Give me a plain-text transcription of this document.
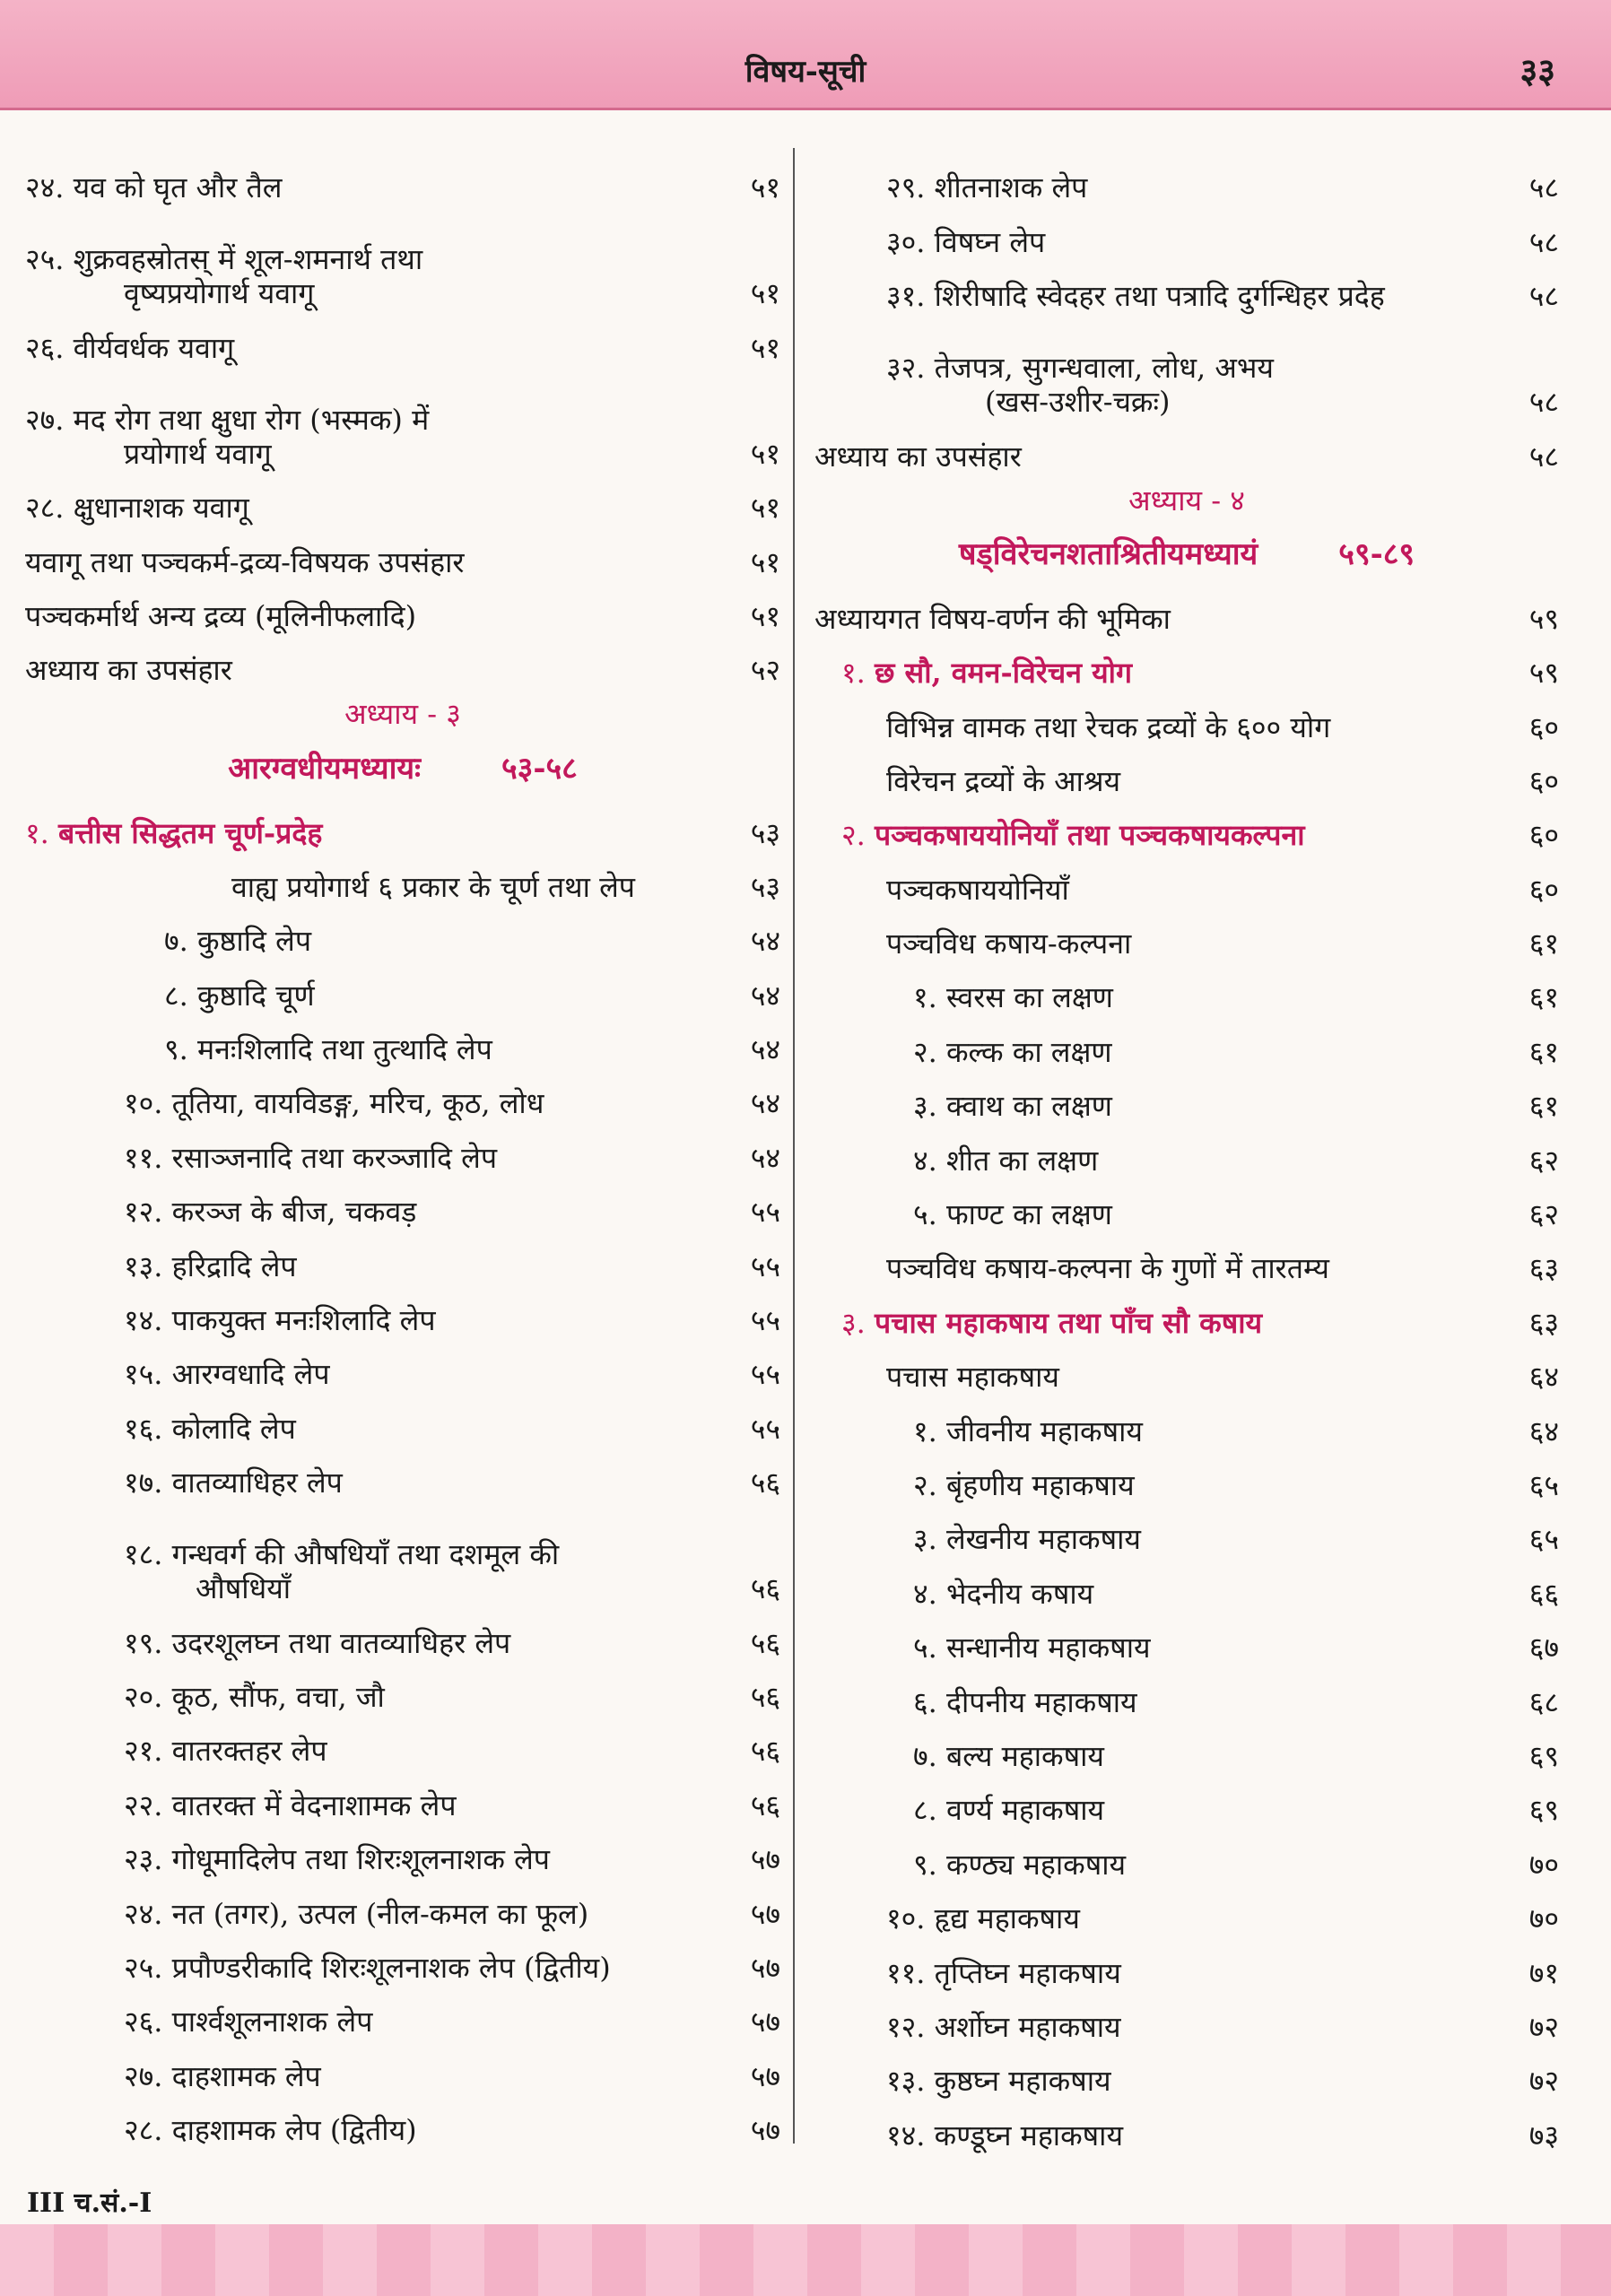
विषय-सूची	३३
२४. यव को घृत और तैल	५१
२५. शुक्रवहस्रोतस् में शूल-शमनार्थ तथा
वृष्यप्रयोगार्थ यवागू	५१
२६. वीर्यवर्धक यवागू	५१
२७. मद रोग तथा क्षुधा रोग (भस्मक) में
प्रयोगार्थ यवागू	५१
२८. क्षुधानाशक यवागू	५१
यवागू तथा पञ्चकर्म-द्रव्य-विषयक उपसंहार	५१
पञ्चकर्मार्थ अन्य द्रव्य (मूलिनीफलादि)	५१
अध्याय का उपसंहार	५२
अध्याय - ३
आरग्वधीयमध्यायः	५३-५८
१. बत्तीस सिद्धतम चूर्ण-प्रदेह	५३
वाह्य प्रयोगार्थ ६ प्रकार के चूर्ण तथा लेप	५३
७. कुष्ठादि लेप	५४
८. कुष्ठादि चूर्ण	५४
९. मनःशिलादि तथा तुत्थादि लेप	५४
१०. तूतिया, वायविडङ्ग, मरिच, कूठ, लोध	५४
११. रसाञ्जनादि तथा करञ्जादि लेप	५४
१२. करञ्ज के बीज, चकवड़	५५
१३. हरिद्रादि लेप	५५
१४. पाकयुक्त मनःशिलादि लेप	५५
१५. आरग्वधादि लेप	५५
१६. कोलादि लेप	५५
१७. वातव्याधिहर लेप	५६
१८. गन्धवर्ग की औषधियाँ तथा दशमूल की
औषधियाँ	५६
१९. उदरशूलघ्न तथा वातव्याधिहर लेप	५६
२०. कूठ, सौंफ, वचा, जौ	५६
२१. वातरक्तहर लेप	५६
२२. वातरक्त में वेदनाशामक लेप	५६
२३. गोधूमादिलेप तथा शिरःशूलनाशक लेप	५७
२४. नत (तगर), उत्पल (नील-कमल का फूल)	५७
२५. प्रपौण्डरीकादि शिरःशूलनाशक लेप (द्वितीय)	५७
२६. पार्श्वशूलनाशक लेप	५७
२७. दाहशामक लेप	५७
२८. दाहशामक लेप (द्वितीय)	५७
२९. शीतनाशक लेप	५८
३०. विषघ्न लेप	५८
३१. शिरीषादि स्वेदहर तथा पत्रादि दुर्गन्धिहर प्रदेह	५८
३२. तेजपत्र, सुगन्धवाला, लोध, अभय
(खस-उशीर-चक्रः)	५८
अध्याय का उपसंहार	५८
अध्याय - ४
षड्विरेचनशताश्रितीयमध्यायं	५९-८९
अध्यायगत विषय-वर्णन की भूमिका	५९
१. छ सौ, वमन-विरेचन योग	५९
विभिन्न वामक तथा रेचक द्रव्यों के ६०० योग	६०
विरेचन द्रव्यों के आश्रय	६०
२. पञ्चकषाययोनियाँ तथा पञ्चकषायकल्पना	६०
पञ्चकषाययोनियाँ	६०
पञ्चविध कषाय-कल्पना	६१
१. स्वरस का लक्षण	६१
२. कल्क का लक्षण	६१
३. क्वाथ का लक्षण	६१
४. शीत का लक्षण	६२
५. फाण्ट का लक्षण	६२
पञ्चविध कषाय-कल्पना के गुणों में तारतम्य	६३
३. पचास महाकषाय तथा पाँच सौ कषाय	६३
पचास महाकषाय	६४
१. जीवनीय महाकषाय	६४
२. बृंहणीय महाकषाय	६५
३. लेखनीय महाकषाय	६५
४. भेदनीय कषाय	६६
५. सन्धानीय महाकषाय	६७
६. दीपनीय महाकषाय	६८
७. बल्य महाकषाय	६९
८. वर्ण्य महाकषाय	६९
९. कण्ठ्य महाकषाय	७०
१०. हृद्य महाकषाय	७०
११. तृप्तिघ्न महाकषाय	७१
१२. अर्शोघ्न महाकषाय	७२
१३. कुष्ठघ्न महाकषाय	७२
१४. कण्डूघ्न महाकषाय	७३
III च.सं.-I
